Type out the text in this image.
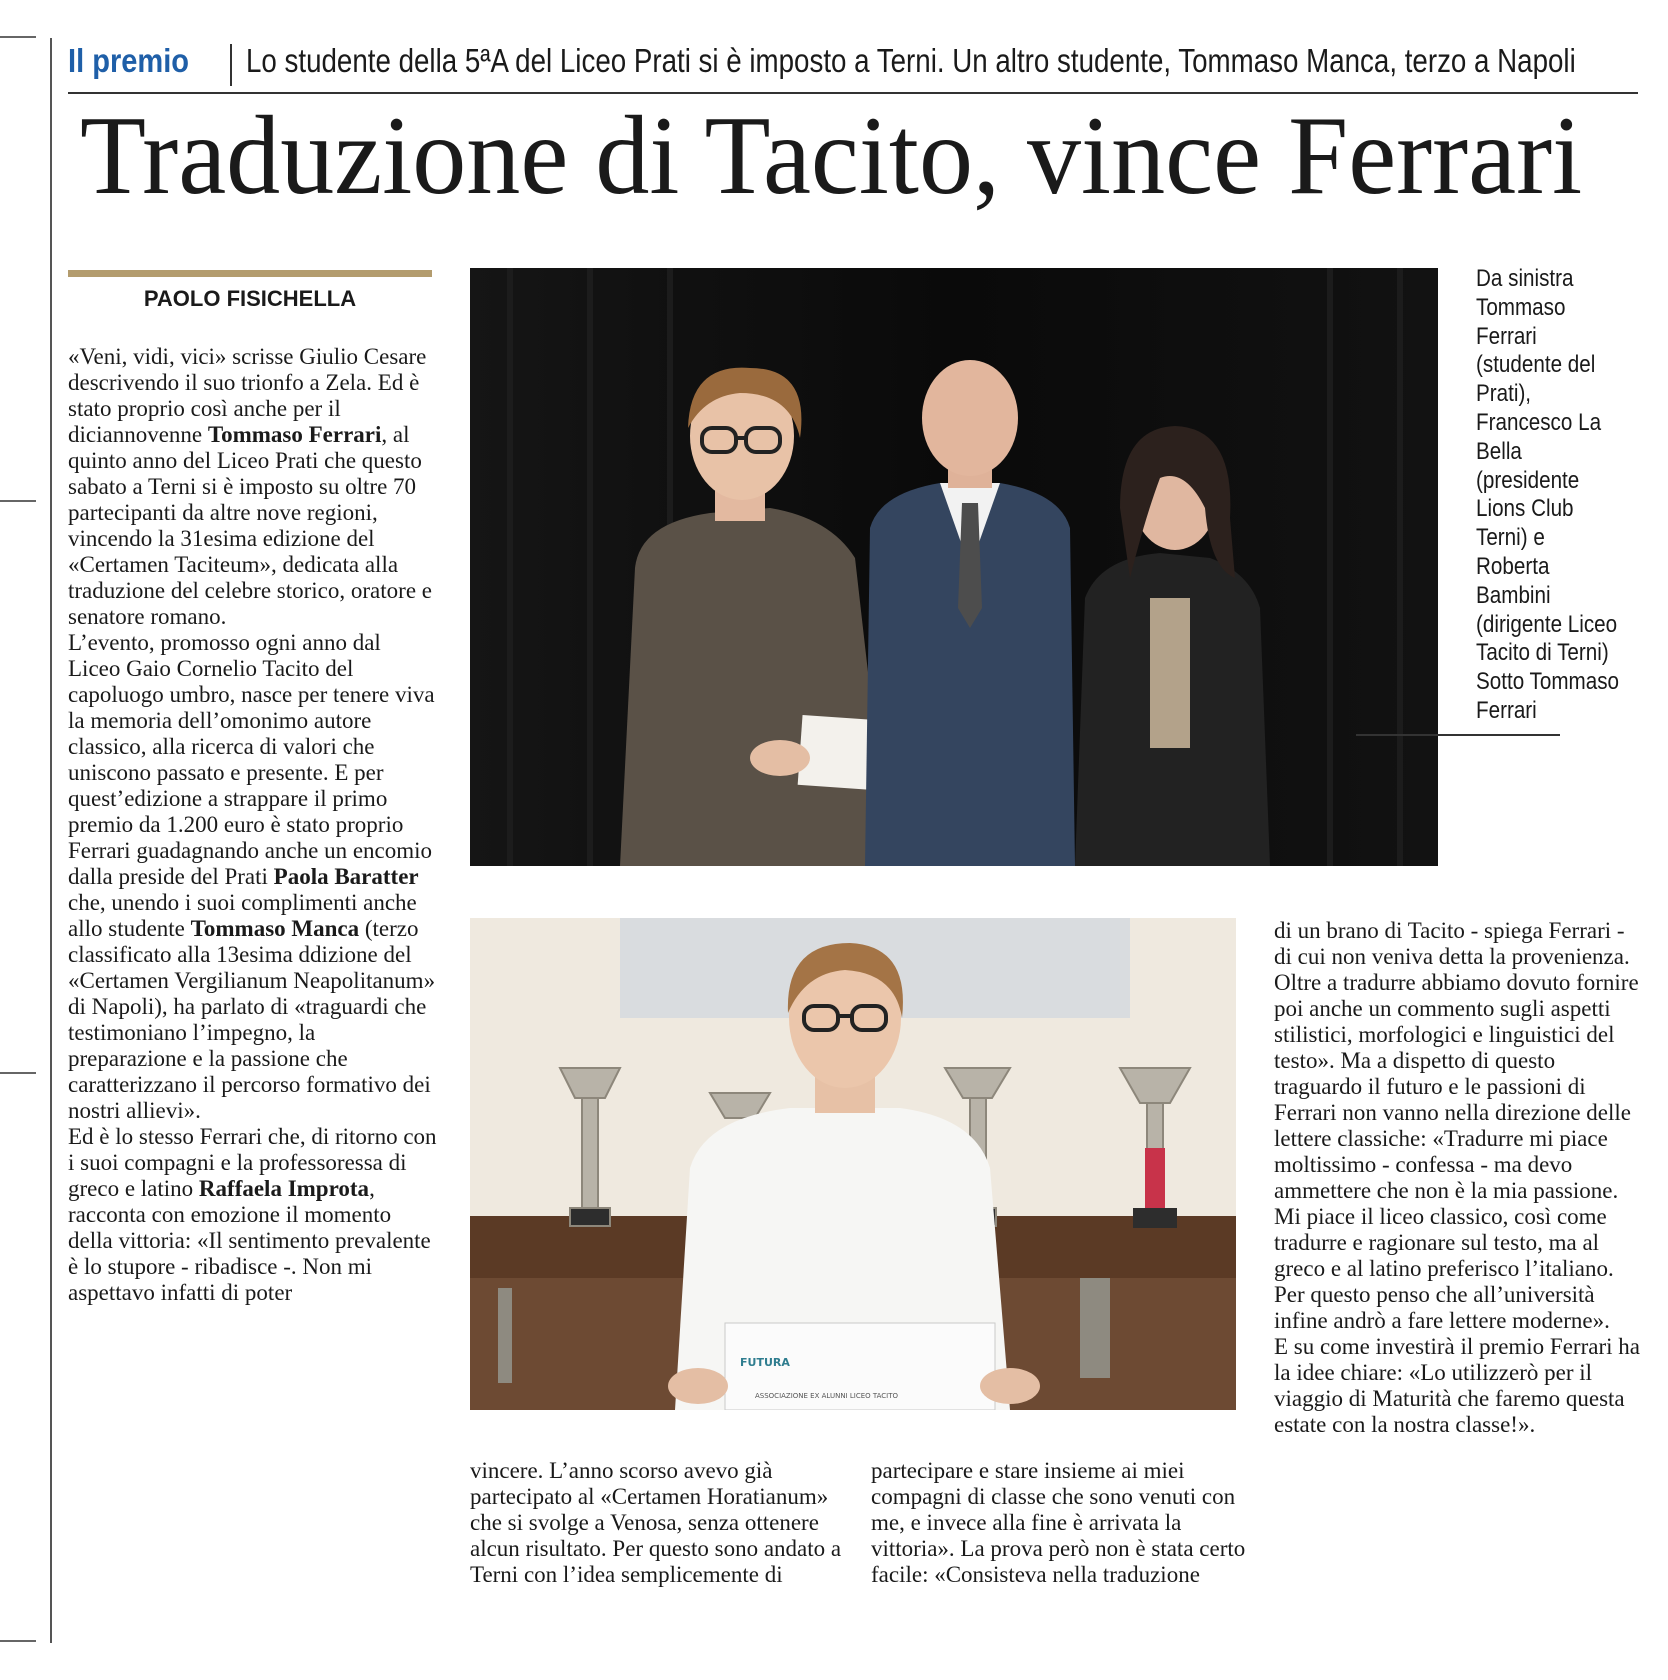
Il premio Lo studente della 5ªA del Liceo Prati si è imposto a Terni. Un altro studente, Tommaso Manca, terzo a Napoli
Traduzione di Tacito, vince Ferrari
PAOLO FISICHELLA

«Veni, vidi, vici» scrisse Giulio Cesare descrivendo il suo trionfo a Zela. Ed è stato proprio così anche per il diciannovenne Tommaso Ferrari, al quinto anno del Liceo Prati che questo sabato a Terni si è imposto su oltre 70 partecipanti da altre nove regioni, vincendo la 31esima edizione del «Certamen Taciteum», dedicata alla traduzione del celebre storico, oratore e senatore romano.

L’evento, promosso ogni anno dal Liceo Gaio Cornelio Tacito del capoluogo umbro, nasce per tenere viva la memoria dell’omonimo autore classico, alla ricerca di valori che uniscono passato e presente. E per quest’edizione a strappare il primo premio da 1.200 euro è stato proprio Ferrari guadagnando anche un encomio dalla preside del Prati Paola Baratter che, unendo i suoi complimenti anche allo studente Tommaso Manca (terzo classificato alla 13esima ddizione del «Certamen Vergilianum Neapolitanum» di Napoli), ha parlato di «traguardi che testimoniano l’impegno, la preparazione e la passione che caratterizzano il percorso formativo dei nostri allievi».

Ed è lo stesso Ferrari che, di ritorno con i suoi compagni e la professoressa di greco e latino Raffaela Improta, racconta con emozione il momento della vittoria: «Il sentimento prevalente è lo stupore - ribadisce -. Non mi aspettavo infatti di poter

Da sinistra Tommaso Ferrari (studente del Prati), Francesco La Bella (presidente Lions Club Terni) e Roberta Bambini (dirigente Liceo Tacito di Terni) Sotto Tommaso Ferrari
FUTURA
ASSOCIAZIONE EX ALUNNI LICEO TACITO

vincere. L’anno scorso avevo già partecipato al «Certamen Horatianum» che si svolge a Venosa, senza ottenere alcun risultato. Per questo sono andato a Terni con l’idea semplicemente di

partecipare e stare insieme ai miei compagni di classe che sono venuti con me, e invece alla fine è arrivata la vittoria». La prova però non è stata certo facile: «Consisteva nella traduzione

di un brano di Tacito - spiega Ferrari - di cui non veniva detta la provenienza. Oltre a tradurre abbiamo dovuto fornire poi anche un commento sugli aspetti stilistici, morfologici e linguistici del testo». Ma a dispetto di questo traguardo il futuro e le passioni di Ferrari non vanno nella direzione delle lettere classiche: «Tradurre mi piace moltissimo - confessa - ma devo ammettere che non è la mia passione. Mi piace il liceo classico, così come tradurre e ragionare sul testo, ma al greco e al latino preferisco l’italiano. Per questo penso che all’università infine andrò a fare lettere moderne».

E su come investirà il premio Ferrari ha la idee chiare: «Lo utilizzerò per il viaggio di Maturità che faremo questa estate con la nostra classe!».
